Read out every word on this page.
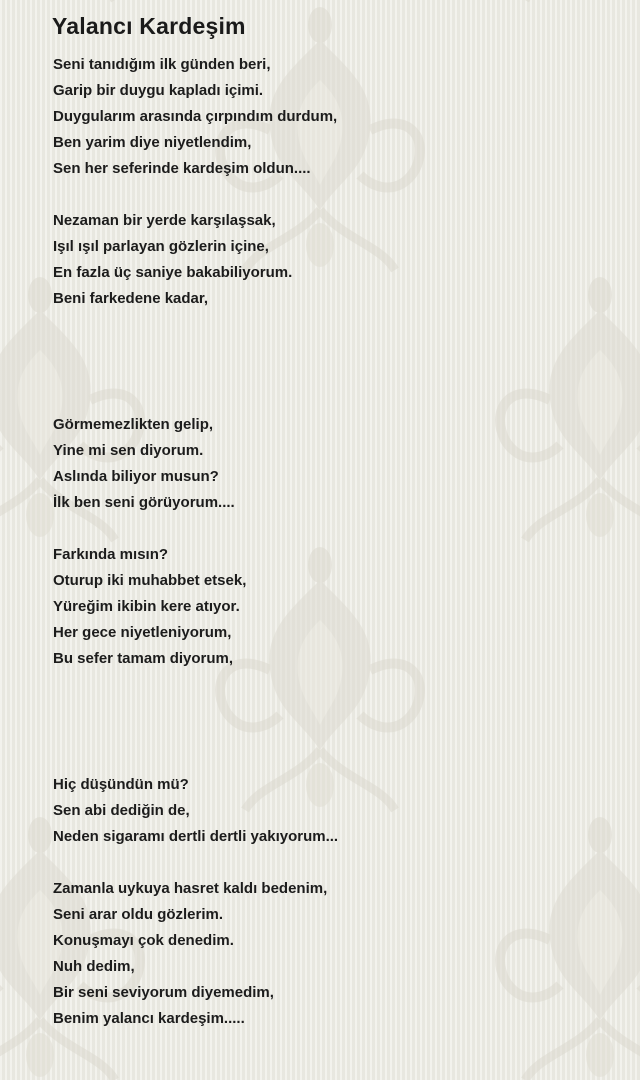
Yalancı Kardeşim
Seni tanıdığım ilk günden beri,
Garip bir duygu kapladı içimi.
Duygularım arasında çırpındım durdum,
Ben yarim diye niyetlendim,
Sen her seferinde kardeşim oldun....
Nezaman bir yerde karşılaşsak,
Işıl ışıl parlayan gözlerin içine,
En fazla üç saniye bakabiliyorum.
Beni farkedene kadar,
Görmemezlikten gelip,
Yine mi sen diyorum.
Aslında biliyor musun?
İlk ben seni görüyorum....
Farkında mısın?
Oturup iki muhabbet etsek,
Yüreğim ikibin kere atıyor.
Her gece niyetleniyorum,
Bu sefer tamam diyorum,
Hiç düşündün mü?
Sen abi dediğin de,
Neden sigaramı dertli dertli yakıyorum...
Zamanla uykuya hasret kaldı bedenim,
Seni arar oldu gözlerim.
Konuşmayı çok denedim.
Nuh dedim,
Bir seni seviyorum diyemedim,
Benim yalancı kardeşim.....
